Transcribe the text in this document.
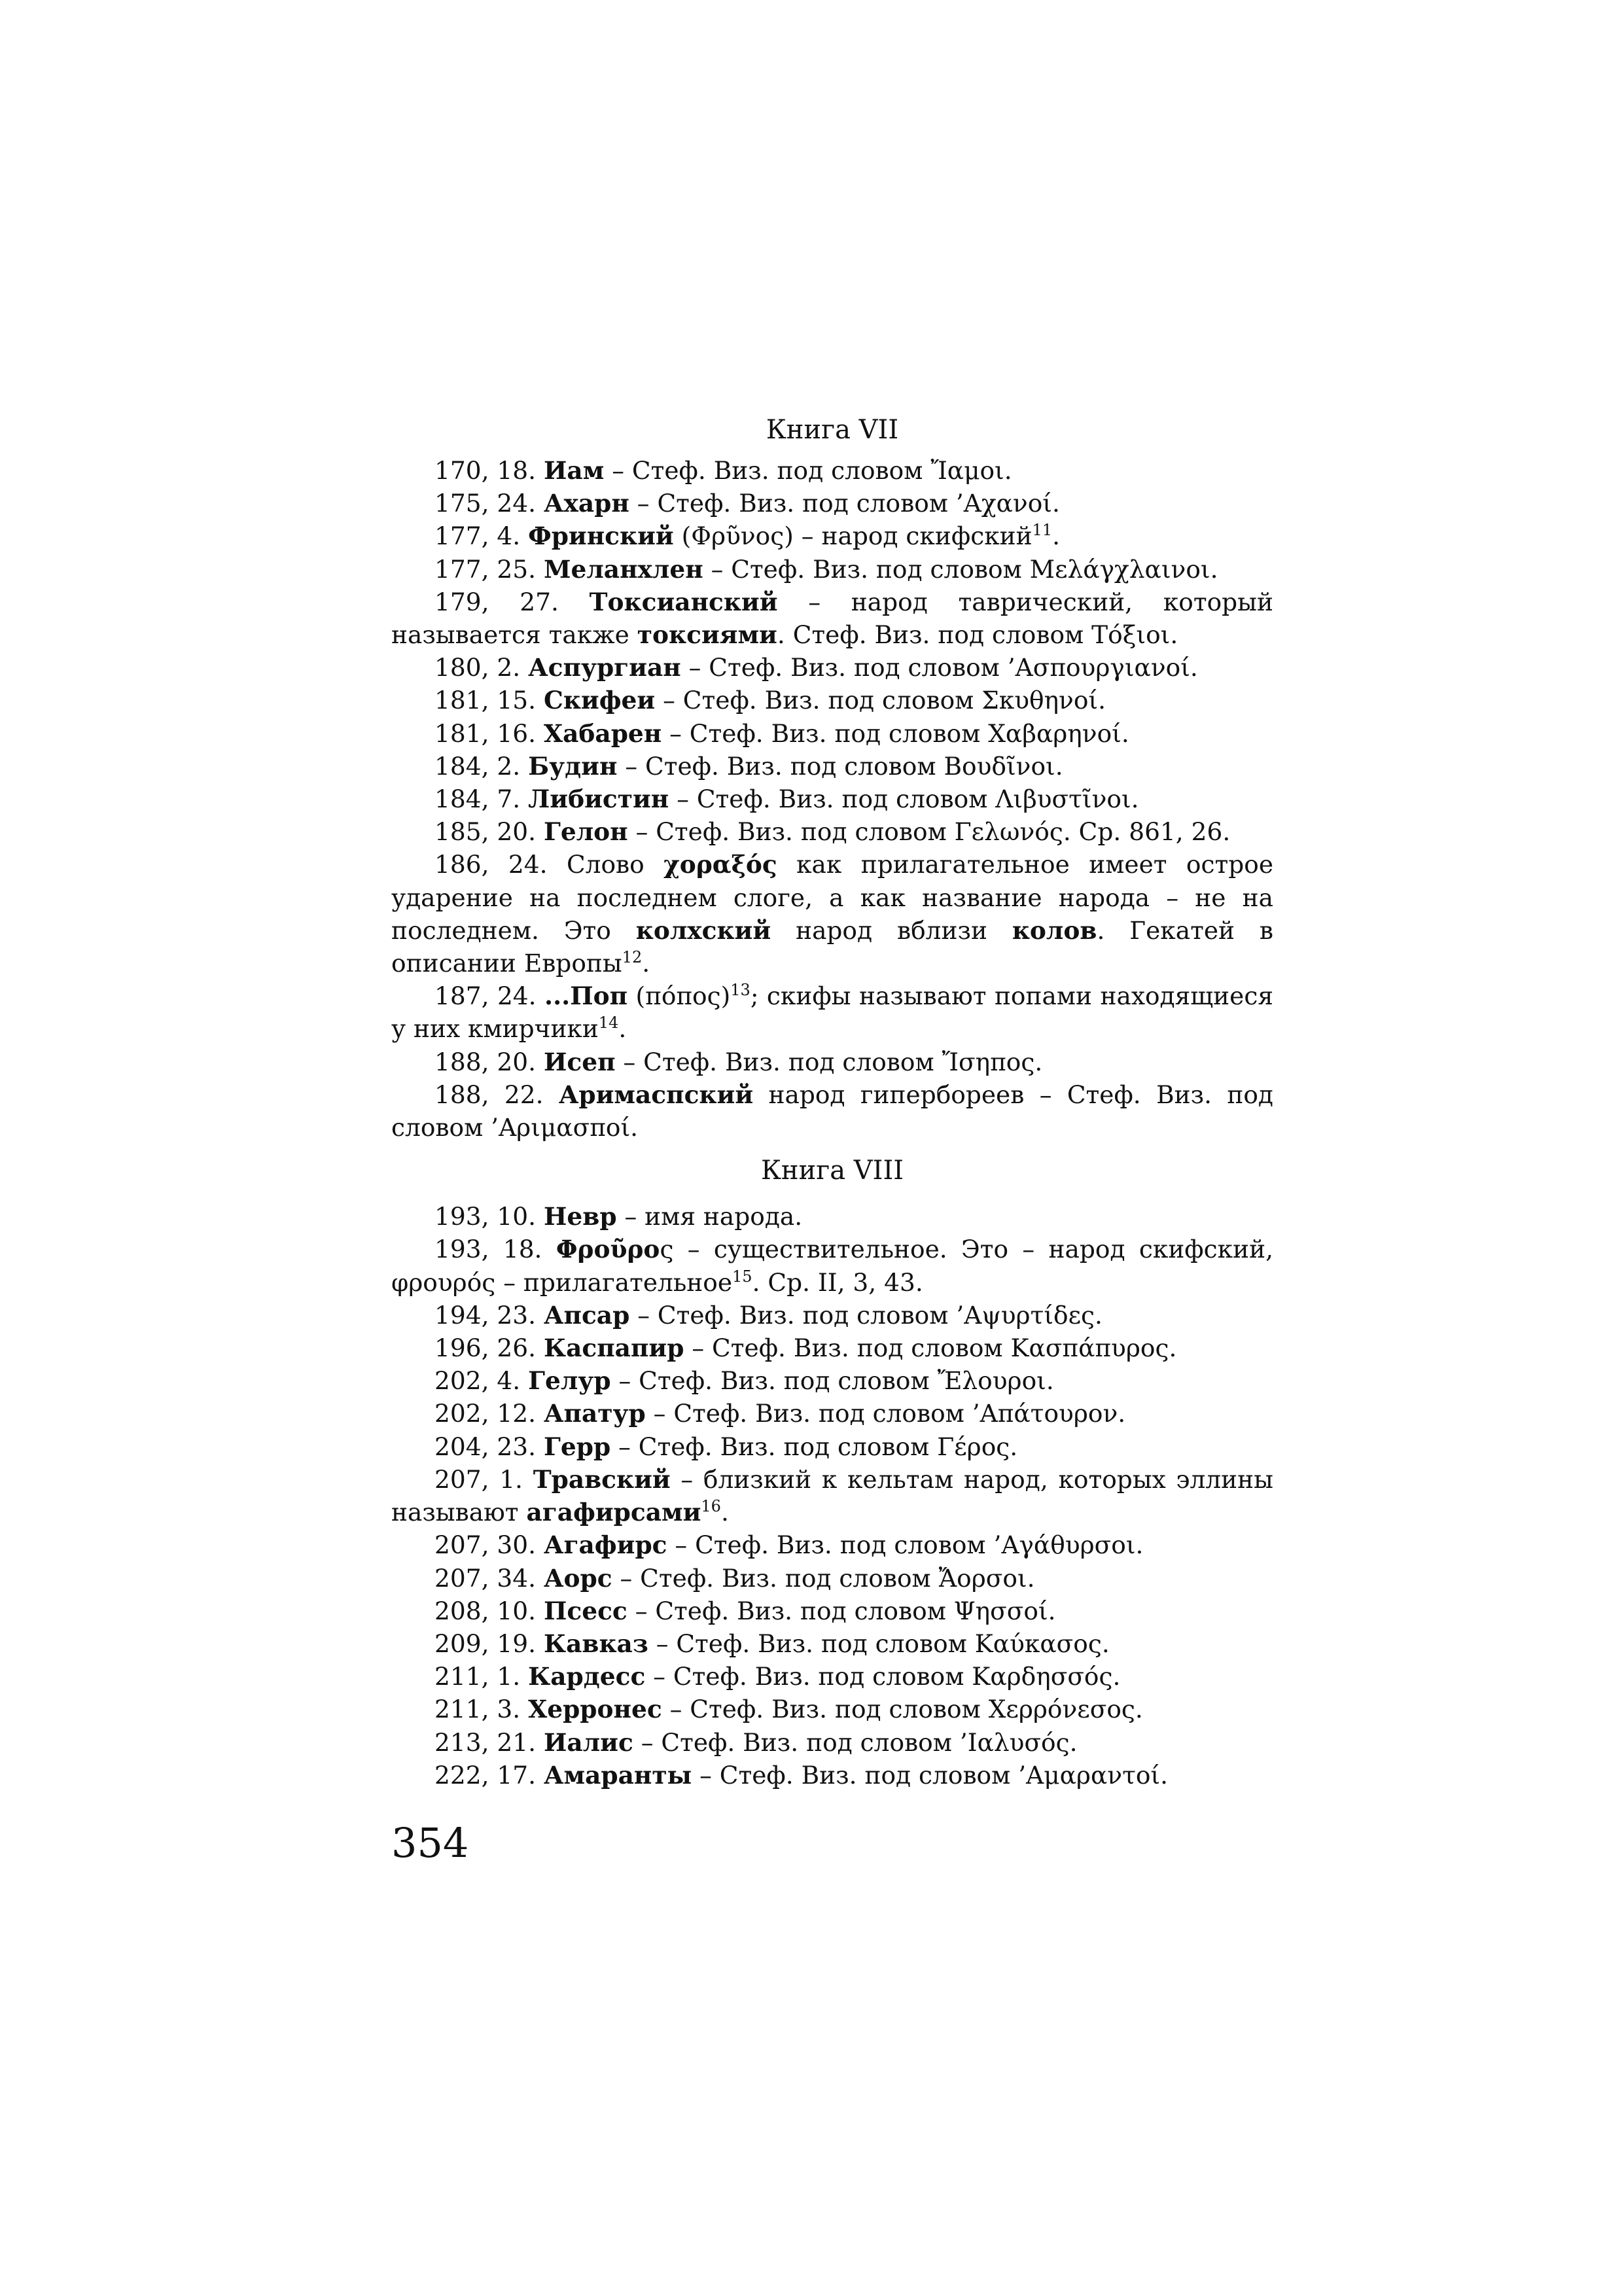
Книга VII

170, 18. Иам – Стеф. Виз. под словом Ἴαμοι.

175, 24. Ахарн – Стеф. Виз. под словом ’Αχανοί.

177, 4. Фринский (Φρῦνος) – народ скифский$^{11}$.

177, 25. Меланхлен – Стеф. Виз. под словом Μελάγχλαινοι.

179, 27. Токсианский – народ таврический, который называется также токсиями. Стеф. Виз. под словом Τόξιοι.

180, 2. Аспургиан – Стеф. Виз. под словом ’Ασπουργιανοί.

181, 15. Скифеи – Стеф. Виз. под словом Σκυθηνοί.

181, 16. Хабарен – Стеф. Виз. под словом Χαβαρηνοί.

184, 2. Будин – Стеф. Виз. под словом Βουδῖνοι.

184, 7. Либистин – Стеф. Виз. под словом Λιβυστῖνοι.

185, 20. Гелон – Стеф. Виз. под словом Γελωνός. Ср. 861, 26.

186, 24. Слово χοραξός как прилагательное имеет острое ударение на последнем слоге, а как название народа – не на последнем. Это колхский народ вблизи колов. Гекатей в описании Европы$^{12}$.

187, 24. ...Поп $(\pi ό\pi o\varsigma)^{13}$; скифы называют попами находящиеся у них кмирчики$^{14}$.

188, 20. Исеп – Стеф. Виз. под словом Ἴσηπος.

188, 22. Аримаспский народ гипербореев – Стеф. Виз. под словом ’Αριμασποί.

Книга VIII

193, 10. Невр – имя народа.

193, 18. Φροῦρος – существительное. Это – народ скифский, φρουρός – прилагательное$^{15}$. Ср. II, 3, 43.

194, 23. Апсар – Стеф. Виз. под словом ’Αψυρτίδες.

196, 26. Каспапир – Стеф. Виз. под словом Κασπάπυρος.

202, 4. Гелур – Стеф. Виз. под словом Ἔλουροι.

202, 12. Апатур – Стеф. Виз. под словом ’Απάτουρον.

204, 23. Герр – Стеф. Виз. под словом Γέρος.

207, 1. Травский – близкий к кельтам народ, которых эллины называют агафирсами$^{16}$.

207, 30. Агафирс – Стеф. Виз. под словом ’Αγάθυρσοι.

207, 34. Аорс – Стеф. Виз. под словом Ἄορσοι.

208, 10. Псесс – Стеф. Виз. под словом Ψησσοί.

209, 19. Кавказ – Стеф. Виз. под словом Καύκασος.

211, 1. Кардесс – Стеф. Виз. под словом Καρδησσός.

211, 3. Херронес – Стеф. Виз. под словом Χερρόνεσος.

213, 21. Иалис – Стеф. Виз. под словом ’Ιαλυσός.

222, 17. Амаранты – Стеф. Виз. под словом ’Αμαραντοί.

354
